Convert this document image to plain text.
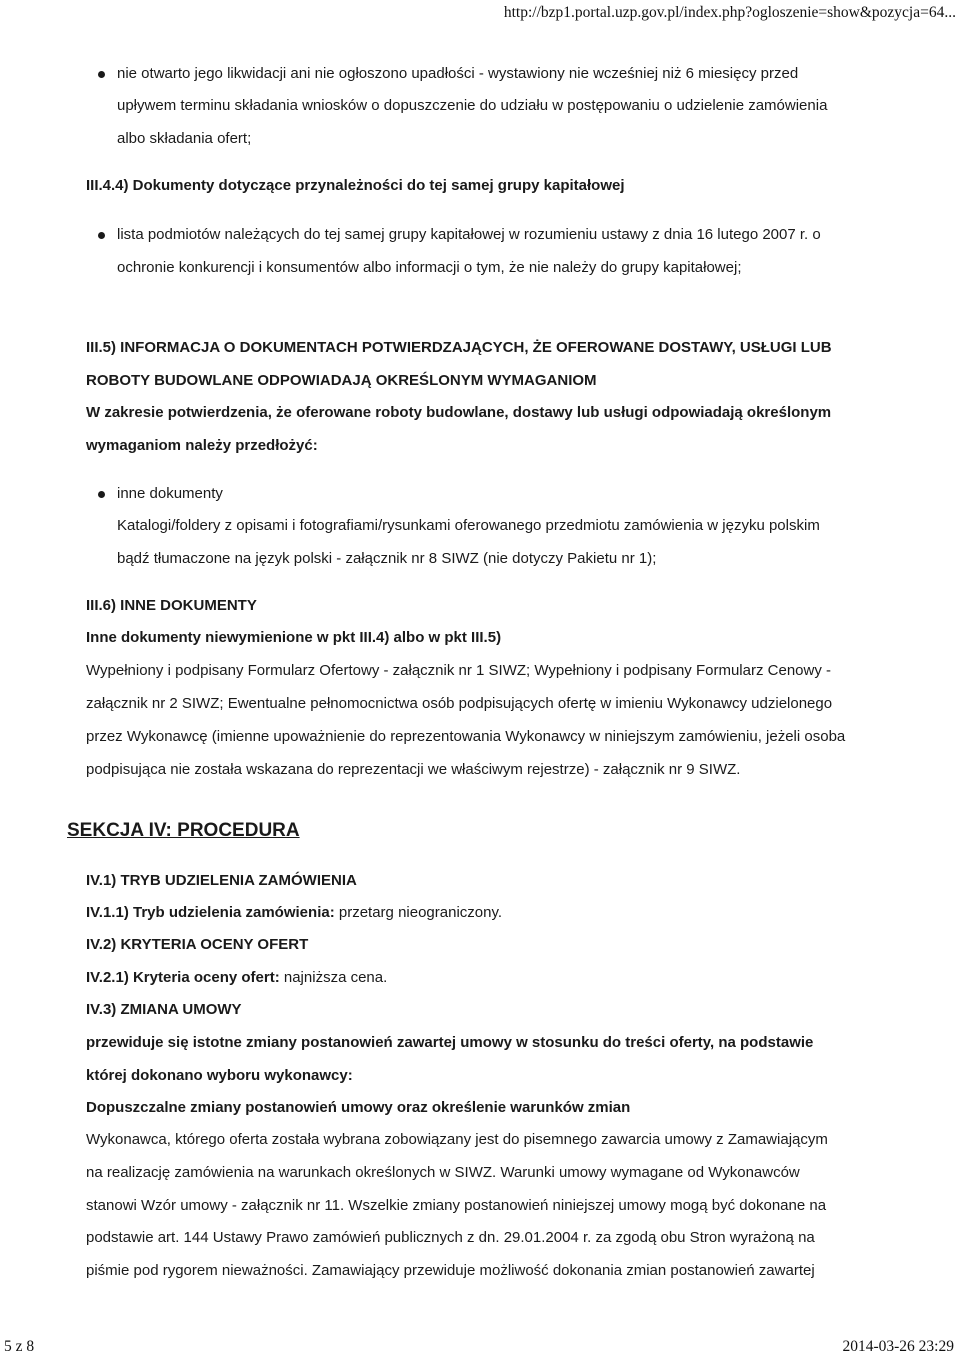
http://bzp1.portal.uzp.gov.pl/index.php?ogloszenie=show&pozycja=64...
5 z 8	2014-03-26 23:29
nie otwarto jego likwidacji ani nie ogłoszono upadłości - wystawiony nie wcześniej niż 6 miesięcy przed
upływem terminu składania wniosków o dopuszczenie do udziału w postępowaniu o udzielenie zamówienia
albo składania ofert;
III.4.4) Dokumenty dotyczące przynależności do tej samej grupy kapitałowej
lista podmiotów należących do tej samej grupy kapitałowej w rozumieniu ustawy z dnia 16 lutego 2007 r. o
ochronie konkurencji i konsumentów albo informacji o tym, że nie należy do grupy kapitałowej;
III.5) INFORMACJA O DOKUMENTACH POTWIERDZAJĄCYCH, ŻE OFEROWANE DOSTAWY, USŁUGI LUB
ROBOTY BUDOWLANE ODPOWIADAJĄ OKREŚLONYM WYMAGANIOM
W zakresie potwierdzenia, że oferowane roboty budowlane, dostawy lub usługi odpowiadają określonym
wymaganiom należy przedłożyć:
inne dokumenty
Katalogi/foldery z opisami i fotografiami/rysunkami oferowanego przedmiotu zamówienia w języku polskim
bądź tłumaczone na język polski - załącznik nr 8 SIWZ (nie dotyczy Pakietu nr 1);
III.6) INNE DOKUMENTY
Inne dokumenty niewymienione w pkt III.4) albo w pkt III.5)
Wypełniony i podpisany Formularz Ofertowy - załącznik nr 1 SIWZ; Wypełniony i podpisany Formularz Cenowy -
załącznik nr 2 SIWZ; Ewentualne pełnomocnictwa osób podpisujących ofertę w imieniu Wykonawcy udzielonego
przez Wykonawcę (imienne upoważnienie do reprezentowania Wykonawcy w niniejszym zamówieniu, jeżeli osoba
podpisująca nie została wskazana do reprezentacji we właściwym rejestrze) - załącznik nr 9 SIWZ.
SEKCJA IV: PROCEDURA
IV.1) TRYB UDZIELENIA ZAMÓWIENIA
IV.1.1) Tryb udzielenia zamówienia: przetarg nieograniczony.
IV.2) KRYTERIA OCENY OFERT
IV.2.1) Kryteria oceny ofert: najniższa cena.
IV.3) ZMIANA UMOWY
przewiduje się istotne zmiany postanowień zawartej umowy w stosunku do treści oferty, na podstawie
której dokonano wyboru wykonawcy:
Dopuszczalne zmiany postanowień umowy oraz określenie warunków zmian
Wykonawca, którego oferta została wybrana zobowiązany jest do pisemnego zawarcia umowy z Zamawiającym
na realizację zamówienia na warunkach określonych w SIWZ. Warunki umowy wymagane od Wykonawców
stanowi Wzór umowy - załącznik nr 11. Wszelkie zmiany postanowień niniejszej umowy mogą być dokonane na
podstawie art. 144 Ustawy Prawo zamówień publicznych z dn. 29.01.2004 r. za zgodą obu Stron wyrażoną na
piśmie pod rygorem nieważności. Zamawiający przewiduje możliwość dokonania zmian postanowień zawartej
